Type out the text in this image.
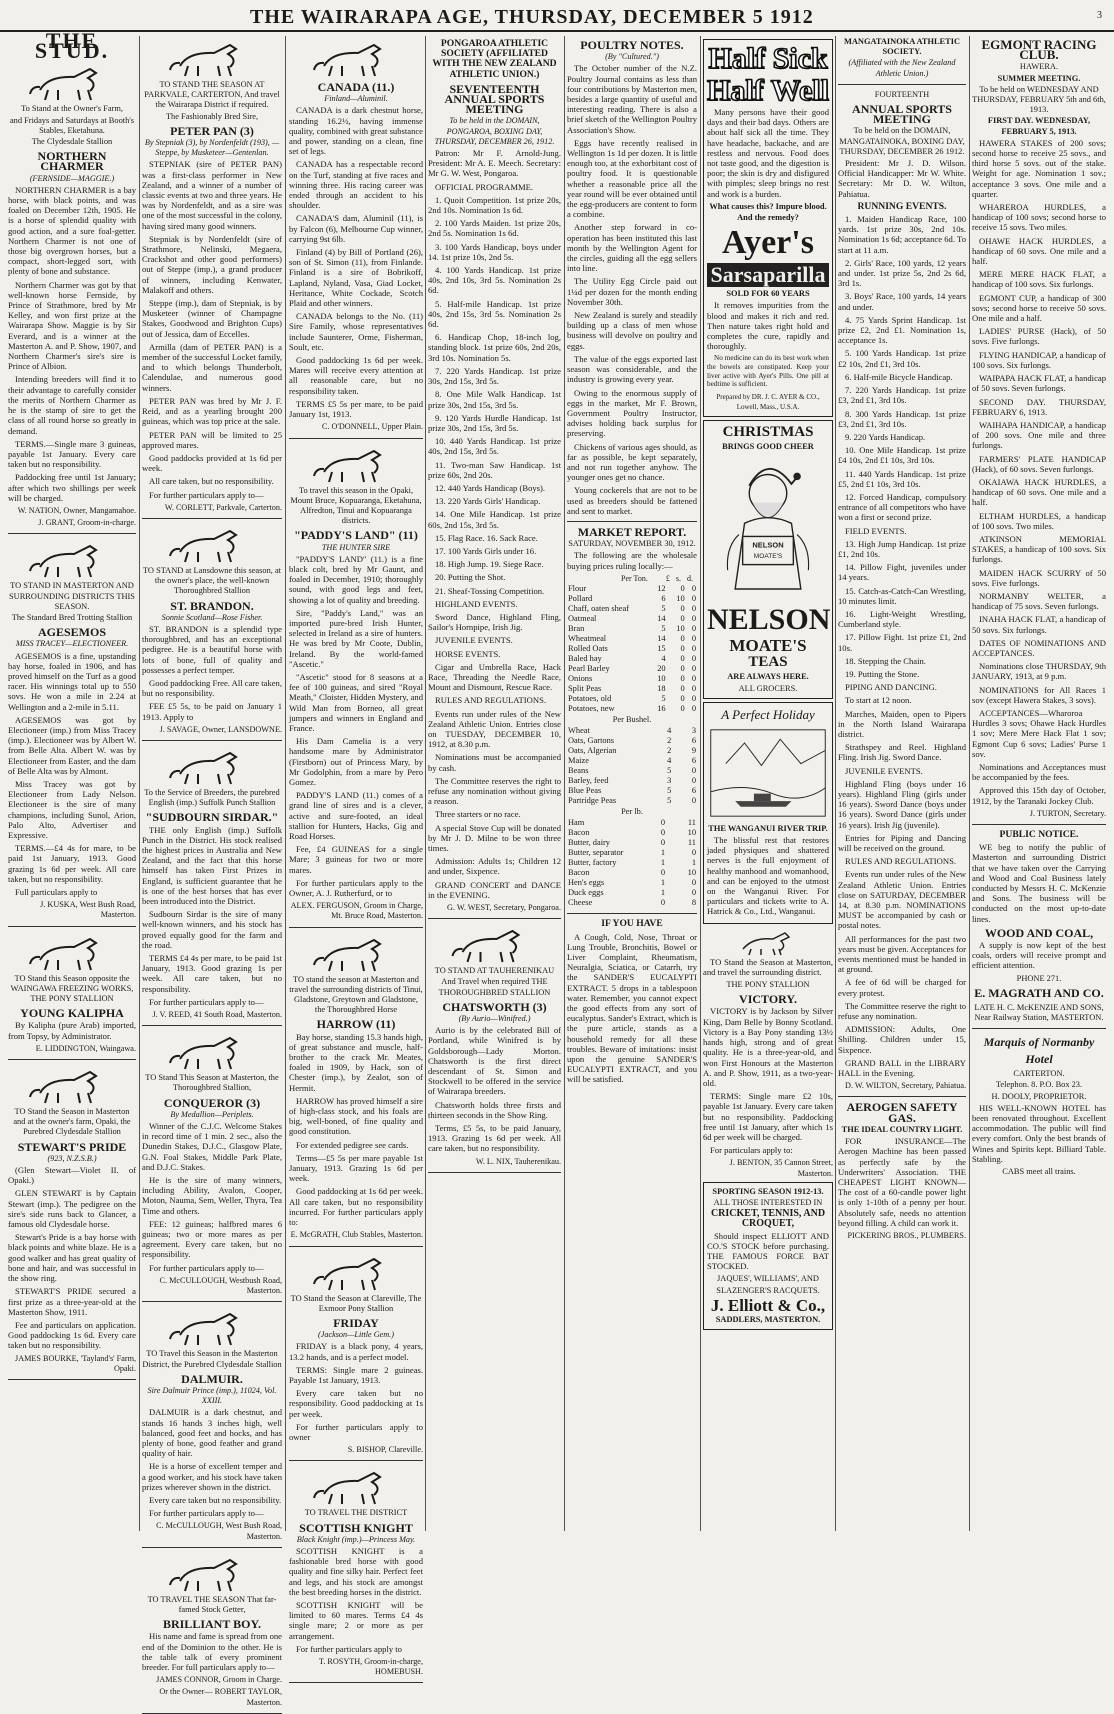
THE WAIRARAPA AGE, THURSDAY, DECEMBER 5 1912	3
THE STUD.
To Stand at the Owner's Farm,
and Fridays and Saturdays at Booth's Stables, Eketahuna.
The Clydesdale Stallion
NORTHERN CHARMER
(FERNSIDE—MAGGIE.)

NORTHERN CHARMER is a bay horse, with black points, and was foaled on December 12th, 1905. He is a horse of splendid quality with good action, and a sure foal-getter. Northern Charmer is not one of those big overgrown horses, but a compact, short-legged sort, with plenty of bone and substance.

Northern Charmer was got by that well-known horse Fernside, by Prince of Strathmore, bred by Mr Kelley, and won first prize at the Wairarapa Show. Maggie is by Sir Everard, and is a winner at the Masterton A. and P. Show, 1907, and Northern Charmer's sire's sire is Prince of Albion.

Intending breeders will find it to their advantage to carefully consider the merits of Northern Charmer as he is the stamp of sire to get the class of all round horse so greatly in demand.

TERMS.—Single mare 3 guineas, payable 1st January. Every care taken but no responsibility.

Paddocking free until 1st January; after which two shillings per week will be charged.

W. NATION, Owner, Mangamahoe.
J. GRANT, Groom-in-charge.
TO STAND IN MASTERTON AND SURROUNDING DISTRICTS THIS SEASON.
The Standard Bred Trotting Stallion
AGESEMOS
MISS TRACEY—ELECTIONEER.

AGESEMOS is a fine, upstanding bay horse, foaled in 1906, and has proved himself on the Turf as a good racer. His winnings total up to 550 sovs. He won a mile in 2.24 at Wellington and a 2-mile in 5.11.

AGESEMOS was got by Electioneer (imp.) from Miss Tracey (imp.). Electioneer was by Albert W. from Belle Alta. Albert W. was by Electioneer from Easter, and the dam of Belle Alta was by Almont.

Miss Tracey was got by Electioneer from Lady Nelson. Electioneer is the sire of many champions, including Sunol, Arion, Palo Alto, Advertiser and Expressive.

TERMS.—£4 4s for mare, to be paid 1st January, 1913. Good grazing 1s 6d per week. All care taken, but no responsibility.

Full particulars apply to

J. KUSKA, West Bush Road, Masterton.
TO Stand this Season opposite the WAINGAWA FREEZING WORKS, THE PONY STALLION
YOUNG KALIPHA

By Kalipha (pure Arab) imported, from Topsy, by Administrator.

E. LIDDINGTON, Waingawa.
TO Stand the Season in Masterton and at the owner's farm, Opaki, the Purebred Clydesdale Stallion
STEWART'S PRIDE
(923, N.Z.S.B.)

(Glen Stewart—Violet II. of Opaki.)

GLEN STEWART is by Captain Stewart (imp.). The pedigree on the sire's side runs back to Glancer, a famous old Clydesdale horse.

Stewart's Pride is a bay horse with black points and white blaze. He is a good walker and has great quality of bone and hair, and was successful in the show ring.

STEWART'S PRIDE secured a first prize as a three-year-old at the Masterton Show, 1911.

Fee and particulars on application. Good paddocking 1s 6d. Every care taken but no responsibility.

JAMES BOURKE, 'Tayland's' Farm, Opaki.
TO STAND THE SEASON AT PARKVALE, CARTERTON, And travel the Wairarapa District if required.
The Fashionably Bred Sire,
PETER PAN (3)
By Stepniak (3), by Nordenfeldt (193), —Steppe, by Musketeer—Gentenlan.

STEPNIAK (sire of PETER PAN) was a first-class performer in New Zealand, and a winner of a number of classic events at two and three years. He was by Nordenfeldt, and as a sire was one of the most successful in the colony, having sired many good winners.

Stepniak is by Nordenfeldt (sire of Strathmore, Nelinski, Megaera, Crackshot and other good performers) out of Steppe (imp.), a grand producer of winners, including Kenwater, Malakoff and others.

Steppe (imp.), dam of Stepniak, is by Musketeer (winner of Champagne Stakes, Goodwood and Brighton Cups) out of Jessica, dam of Eccelles.

Armilla (dam of PETER PAN) is a member of the successful Locket family, and to which belongs Thunderbolt, Calendulae, and numerous good winners.

PETER PAN was bred by Mr J. F. Reid, and as a yearling brought 200 guineas, which was top price at the sale.

PETER PAN will be limited to 25 approved mares.

Good paddocks provided at 1s 6d per week.

All care taken, but no responsibility.

For further particulars apply to—

W. CORLETT, Parkvale, Carterton.
TO STAND at Lansdowne this season, at the owner's place, the well-known Thoroughbred Stallion
ST. BRANDON.
Sonnie Scotland—Rose Fisher.

ST. BRANDON is a splendid type thoroughbred, and has an exceptional pedigree. He is a beautiful horse with lots of bone, full of quality and possesses a perfect temper.

Good paddocking Free. All care taken, but no responsibility.

FEE £5 5s, to be paid on January 1 1913. Apply to

J. SAVAGE, Owner, LANSDOWNE.
To the Service of Breeders, the purebred English (imp.) Suffolk Punch Stallion
"SUDBOURN SIRDAR."

THE only English (imp.) Suffolk Punch in the District. His stock realised the highest prices in Australia and New Zealand, and the fact that this horse himself has taken First Prizes in England, is sufficient guarantee that he is one of the best horses that has ever been introduced into the District.

Sudbourn Sirdar is the sire of many well-known winners, and his stock has proved equally good for the farm and the road.

TERMS £4 4s per mare, to be paid 1st January, 1913. Good grazing 1s per week. All care taken, but no responsibility.

For further particulars apply to—

J. V. REED, 41 South Road, Masterton.
TO Stand This Season at Masterton, the Thoroughbred Stallion,
CONQUEROR (3)
By Medallion—Periplets.

Winner of the C.J.C. Welcome Stakes in record time of 1 min. 2 sec., also the Dunedin Stakes, D.J.C., Glasgow Plate, G.N. Foal Stakes, Middle Park Plate, and D.J.C. Stakes.

He is the sire of many winners, including Ability, Avalon, Cooper, Moton, Nauma, Sem, Weller, Thyra, Tea Time and others.

FEE: 12 guineas; halfbred mares 6 guineas; two or more mares as per agreement. Every care taken, but no responsibility.

For further particulars apply to—

C. McCULLOUGH, Westbush Road, Masterton.
TO Travel this Season in the Masterton District, the Purebred Clydesdale Stallion
DALMUIR.
Sire Dalmuir Prince (imp.), 11024, Vol. XXIII.

DALMUIR is a dark chestnut, and stands 16 hands 3 inches high, well balanced, good feet and hocks, and has plenty of bone, good feather and grand quality of hair.

He is a horse of excellent temper and a good worker, and his stock have taken prizes wherever shown in the district.

Every care taken but no responsibility.

For further particulars apply to—

C. McCULLOUGH, West Bush Road, Masterton.
TO TRAVEL THE SEASON That far-famed Stock Getter,
BRILLIANT BOY.

His name and fame is spread from one end of the Dominion to the other. He is the table talk of every prominent breeder. For full particulars apply to—

JAMES CONNOR, Groom in Charge.
Or the Owner— ROBERT TAYLOR, Masterton.
CANADA (11.)
Finland—Aluminil.

CANADA is a dark chestnut horse, standing 16.2½, having immense quality, combined with great substance and power, standing on a clean, fine set of legs.

CANADA has a respectable record on the Turf, standing at five races and winning three. His racing career was ended through an accident to his shoulder.

CANADA'S dam, Aluminil (11), is by Falcon (6), Melbourne Cup winner, carrying 9st 6lb.

Finland (4) by Bill of Portland (26), son of St. Simon (11), from Finlande. Finland is a sire of Bobrikoff, Lapland, Nyland, Vasa, Giad Locket, Heritance, White Cockade, Scotch Plaid and other winners.

CANADA belongs to the No. (11) Sire Family, whose representatives include Saunterer, Orme, Fisherman, Soult, etc.

Good paddocking 1s 6d per week. Mares will receive every attention at all reasonable care, but no responsibility taken.

TERMS £5 5s per mare, to be paid January 1st, 1913.

C. O'DONNELL, Upper Plain.
To travel this season in the Opaki, Mount Bruce, Kopuaranga, Eketahuna, Alfredton, Tinui and Kopuaranga districts.
"PADDY'S LAND" (11)
THE HUNTER SIRE

"PADDY'S LAND" (11.) is a fine black colt, bred by Mr Gaunt, and foaled in December, 1910; thoroughly sound, with good legs and feet, showing a lot of quality and breeding.

Sire, "Paddy's Land," was an imported pure-bred Irish Hunter, selected in Ireland as a sire of hunters. He was bred by Mr Coote, Dublin, Ireland. By the world-famed "Ascetic."

"Ascetic" stood for 8 seasons at a fee of 100 guineas, and sired "Royal Meath," Cloister, Hidden Mystery, and Wild Man from Borneo, all great jumpers and winners in England and France.

His Dam Camelia is a very handsome mare by Administrator (Firstborn) out of Princess Mary, by Mr Godolphin, from a mare by Pero Gomez.

PADDY'S LAND (11.) comes of a grand line of sires and is a clever, active and sure-footed, an ideal stallion for Hunters, Hacks, Gig and Road Horses.

Fee, £4 GUINEAS for a single Mare; 3 guineas for two or more mares.

For further particulars apply to the Owner, A. J. Rutherfurd, or to

ALEX. FERGUSON, Groom in Charge, Mt. Bruce Road, Masterton.
TO stand the season at Masterton and travel the surrounding districts of Tinui, Gladstone, Greytown and Gladstone, the Thoroughbred Horse
HARROW (11)

Bay horse, standing 15.3 hands high, of great substance and muscle, half-brother to the crack Mr. Meates, foaled in 1909, by Hack, son of Chester (imp.), by Zealot, son of Hermit.

HARROW has proved himself a sire of high-class stock, and his foals are big, well-boned, of fine quality and good constitution.

For extended pedigree see cards.

Terms—£5 5s per mare payable 1st January, 1913. Grazing 1s 6d per week.

Good paddocking at 1s 6d per week. All care taken, but no responsibility incurred. For further particulars apply to:

E. McGRATH, Club Stables, Masterton.
TO Stand the Season at Clareville, The Exmoor Pony Stallion
FRIDAY
(Jackson—Little Gem.)

FRIDAY is a black pony, 4 years, 13.2 hands, and is a perfect model.

TERMS: Single mare 2 guineas. Payable 1st January, 1913.

Every care taken but no responsibility. Good paddocking at 1s per week.

For further particulars apply to owner

S. BISHOP, Clareville.
TO TRAVEL THE DISTRICT
SCOTTISH KNIGHT
Black Knight (imp.)—Princess May.

SCOTTISH KNIGHT is a fashionable bred horse with good quality and fine silky hair. Perfect feet and legs, and his stock are amongst the best breeding horses in the district.

SCOTTISH KNIGHT will be limited to 60 mares. Terms £4 4s single mare; 2 or more as per arrangement.

For further particulars apply to

T. ROSYTH, Groom-in-charge, HOMEBUSH.
PONGAROA ATHLETIC SOCIETY (AFFILIATED WITH THE NEW ZEALAND ATHLETIC UNION.)
SEVENTEENTH ANNUAL SPORTS MEETING
To be held in the DOMAIN, PONGAROA, BOXING DAY, THURSDAY, DECEMBER 26, 1912.

Patron: Mr F. Arnold-Jung. President: Mr A. E. Meech. Secretary: Mr G. W. West, Pongaroa.

OFFICIAL PROGRAMME.

1. Quoit Competition. 1st prize 20s, 2nd 10s. Nomination 1s 6d.

2. 100 Yards Maiden. 1st prize 20s, 2nd 5s. Nomination 1s 6d.

3. 100 Yards Handicap, boys under 14. 1st prize 10s, 2nd 5s.

4. 100 Yards Handicap. 1st prize 40s, 2nd 10s, 3rd 5s. Nomination 2s 6d.

5. Half-mile Handicap. 1st prize 40s, 2nd 15s, 3rd 5s. Nomination 2s 6d.

6. Handicap Chop, 18-inch log, standing block. 1st prize 60s, 2nd 20s, 3rd 10s. Nomination 5s.

7. 220 Yards Handicap. 1st prize 30s, 2nd 15s, 3rd 5s.

8. One Mile Walk Handicap. 1st prize 30s, 2nd 15s, 3rd 5s.

9. 120 Yards Hurdle Handicap. 1st prize 30s, 2nd 15s, 3rd 5s.

10. 440 Yards Handicap. 1st prize 40s, 2nd 15s, 3rd 5s.

11. Two-man Saw Handicap. 1st prize 60s, 2nd 20s.

12. 440 Yards Handicap (Boys).

13. 220 Yards Girls' Handicap.

14. One Mile Handicap. 1st prize 60s, 2nd 15s, 3rd 5s.

15. Flag Race. 16. Sack Race.

17. 100 Yards Girls under 16.

18. High Jump. 19. Siege Race.

20. Putting the Shot.

21. Sheaf-Tossing Competition.

HIGHLAND EVENTS.

Sword Dance, Highland Fling, Sailor's Hornpipe, Irish Jig.

JUVENILE EVENTS.

HORSE EVENTS.

Cigar and Umbrella Race, Hack Race, Threading the Needle Race, Mount and Dismount, Rescue Race.

RULES AND REGULATIONS.

Events run under rules of the New Zealand Athletic Union. Entries close on TUESDAY, DECEMBER 10, 1912, at 8.30 p.m.

Nominations must be accompanied by cash.

The Committee reserves the right to refuse any nomination without giving a reason.

Three starters or no race.

A special Stove Cup will be donated by Mr J. D. Milne to be won three times.

Admission: Adults 1s; Children 12 and under, Sixpence.

GRAND CONCERT and DANCE in the EVENING.

G. W. WEST, Secretary, Pongaroa.
TO STAND AT TAUHERENIKAU
And Travel when required THE THOROUGHBRED STALLION
CHATSWORTH (3)
(By Aurio—Winifred.)

Aurio is by the celebrated Bill of Portland, while Winifred is by Goldsborough—Lady Morton. Chatsworth is the first direct descendant of St. Simon and Stockwell to be offered in the service of Wairarapa breeders.

Chatsworth holds three firsts and thirteen seconds in the Show Ring.

Terms, £5 5s, to be paid January, 1913. Grazing 1s 6d per week. All care taken, but no responsibility.

W. L. NIX, Tauherenikau.
POULTRY NOTES.
(By "Cultured.")

The October number of the N.Z. Poultry Journal contains as less than four contributions by Masterton men, besides a large quantity of useful and interesting reading. There is also a brief sketch of the Wellington Poultry Association's Show.

Eggs have recently realised in Wellington 1s 1d per dozen. It is little enough too, at the exhorbitant cost of poultry food. It is questionable whether a reasonable price all the year round will be ever obtained until the egg-producers are content to form a combine.

Another step forward in co-operation has been instituted this last month by the Wellington Agent for the circles, guiding all the egg sellers into line.

The Utility Egg Circle paid out 1¼d per dozen for the month ending November 30th.

New Zealand is surely and steadily building up a class of men whose business will devolve on poultry and eggs.

The value of the eggs exported last season was considerable, and the industry is growing every year.

Owing to the enormous supply of eggs in the market, Mr F. Brown, Government Poultry Instructor, advises holding back surplus for preserving.

Chickens of various ages should, as far as possible, be kept separately, and not run together anyhow. The younger ones get no chance.

Young cockerels that are not to be used as breeders should be fattened and sent to market.

MARKET REPORT.
SATURDAY, NOVEMBER 30, 1912.

The following are the wholesale buying prices ruling locally:—

Per Ton. £ s. d.
Flour	12	0	0
Pollard	6	10	0
Chaff, oaten sheaf	5	0	0
Oatmeal	14	0	0
Bran	5	10	0
Wheatmeal	14	0	0
Rolled Oats	15	0	0
Baled hay	4	0	0
Pearl Barley	20	0	0
Onions	10	0	0
Split Peas	18	0	0
Potatoes, old	5	0	0
Potatoes, new	16	0	0
Per Bushel.
Wheat	4	3
Oats, Gartons	2	6
Oats, Algerian	2	9
Maize	4	6
Beans	5	0
Barley, feed	3	0
Blue Peas	5	6
Partridge Peas	5	0
Per lb.
Ham	0	11
Bacon	0	10
Butter, dairy	0	11
Butter, separator	1	0
Butter, factory	1	1
Bacon	0	10
Hen's eggs	1	0
Duck eggs	1	0
Cheese	0	8
IF YOU HAVE

A Cough, Cold, Nose, Throat or Lung Trouble, Bronchitis, Bowel or Liver Complaint, Rheumatism, Neuralgia, Sciatica, or Catarrh, try the SANDER'S EUCALYPTI EXTRACT. 5 drops in a tablespoon water. Remember, you cannot expect the good effects from any sort of eucalyptus. Sander's Extract, which is the pure article, stands as a household remedy for all these troubles. Beware of imitations: insist upon the genuine SANDER'S EUCALYPTI EXTRACT, and you will be satisfied.

Half Sick
Half Well

Many persons have their good days and their bad days. Others are about half sick all the time. They have headache, backache, and are restless and nervous. Food does not taste good, and the digestion is poor; the skin is dry and disfigured with pimples; sleep brings no rest and work is a burden.

What causes this? Impure blood.
And the remedy?
Ayer's
Sarsaparilla
SOLD FOR 60 YEARS

It removes impurities from the blood and makes it rich and red. Then nature takes right hold and completes the cure, rapidly and thoroughly.

No medicine can do its best work when the bowels are constipated. Keep your liver active with Ayer's Pills. One pill at bedtime is sufficient.

Prepared by DR. J. C. AYER & CO., Lowell, Mass., U.S.A.
CHRISTMAS
BRINGS GOOD CHEER
NELSON
MOATE'S
NELSON
MOATE'S
TEAS
ARE ALWAYS HERE.
ALL GROCERS.
A Perfect Holiday
THE WANGANUI RIVER TRIP.

The blissful rest that restores jaded physiques and shattered nerves is the full enjoyment of healthy manhood and womanhood, and can be enjoyed to the utmost on the Wanganui River. For particulars and tickets write to A. Hatrick & Co., Ltd., Wanganui.

TO Stand the Season at Masterton, and travel the surrounding district.

THE PONY STALLION
VICTORY.

VICTORY is by Jackson by Silver King, Dam Belle by Bonny Scotland. Victory is a Bay Pony standing 13½ hands high, strong and of great quality. He is a three-year-old, and won First Honours at the Masterton A. and P. Show, 1911, as a two-year-old.

TERMS: Single mare £2 10s, payable 1st January. Every care taken but no responsibility. Paddocking free until 1st January, after which 1s 6d per week will be charged.

For particulars apply to:

J. BENTON, 35 Cannon Street, Masterton.
SPORTING SEASON 1912-13.
ALL THOSE INTERESTED IN
CRICKET, TENNIS, AND CROQUET,

Should inspect ELLIOTT AND CO.'S STOCK before purchasing. THE FAMOUS FORCE BAT STOCKED.

JAQUES', WILLIAMS', AND
SLAZENGER'S RACQUETS.
J. Elliott & Co.,
SADDLERS, MASTERTON.
MANGATAINOKA ATHLETIC SOCIETY.
(Affiliated with the New Zealand Athletic Union.)
FOURTEENTH
ANNUAL SPORTS MEETING
To be held on the DOMAIN, MANGATAINOKA, BOXING DAY, THURSDAY, DECEMBER 26 1912.

President: Mr J. D. Wilson. Official Handicapper: Mr W. White. Secretary: Mr D. W. Wilton, Pahiatua.

RUNNING EVENTS.

1. Maiden Handicap Race, 100 yards. 1st prize 30s, 2nd 10s. Nomination 1s 6d; acceptance 6d. To start at 11 a.m.

2. Girls' Race, 100 yards, 12 years and under. 1st prize 5s, 2nd 2s 6d, 3rd 1s.

3. Boys' Race, 100 yards, 14 years and under.

4. 75 Yards Sprint Handicap. 1st prize £2, 2nd £1. Nomination 1s, acceptance 1s.

5. 100 Yards Handicap. 1st prize £2 10s, 2nd £1, 3rd 10s.

6. Half-mile Bicycle Handicap.

7. 220 Yards Handicap. 1st prize £3, 2nd £1, 3rd 10s.

8. 300 Yards Handicap. 1st prize £3, 2nd £1, 3rd 10s.

9. 220 Yards Handicap.

10. One Mile Handicap. 1st prize £4 10s, 2nd £1 10s, 3rd 10s.

11. 440 Yards Handicap. 1st prize £5, 2nd £1 10s, 3rd 10s.

12. Forced Handicap, compulsory entrance of all competitors who have won a first or second prize.

FIELD EVENTS.

13. High Jump Handicap. 1st prize £1, 2nd 10s.

14. Pillow Fight, juveniles under 14 years.

15. Catch-as-Catch-Can Wrestling, 10 minutes limit.

16. Light-Weight Wrestling, Cumberland style.

17. Pillow Fight. 1st prize £1, 2nd 10s.

18. Stepping the Chain.

19. Putting the Stone.

PIPING AND DANCING.

To start at 12 noon.

Marches, Maiden, open to Pipers in the North Island Wairarapa district.

Strathspey and Reel. Highland Fling. Irish Jig. Sword Dance.

JUVENILE EVENTS.

Highland Fling (boys under 16 years). Highland Fling (girls under 16 years). Sword Dance (boys under 16 years). Sword Dance (girls under 16 years). Irish Jig (juvenile).

Entries for Piping and Dancing will be received on the ground.

RULES AND REGULATIONS.

Events run under rules of the New Zealand Athletic Union. Entries close on SATURDAY, DECEMBER 14, at 8.30 p.m. NOMINATIONS MUST be accompanied by cash or postal notes.

All performances for the past two years must be given. Acceptances for events mentioned must be handed in at ground.

A fee of 6d will be charged for every protest.

The Committee reserve the right to refuse any nomination.

ADMISSION: Adults, One Shilling. Children under 15, Sixpence.

GRAND BALL in the LIBRARY HALL in the Evening.

D. W. WILTON, Secretary, Pahiatua.
AEROGEN SAFETY GAS.
THE IDEAL COUNTRY LIGHT.

FOR INSURANCE—The Aerogen Machine has been passed as perfectly safe by the Underwriters' Association. THE CHEAPEST LIGHT KNOWN—The cost of a 60-candle power light is only 1-10th of a penny per hour. Absolutely safe, needs no attention beyond filling. A child can work it.

PICKERING BROS., PLUMBERS.
EGMONT RACING CLUB.
HAWERA.
SUMMER MEETING.
To be held on WEDNESDAY AND THURSDAY, FEBRUARY 5th and 6th, 1913.
FIRST DAY. WEDNESDAY, FEBRUARY 5, 1913.

HAWERA STAKES of 200 sovs; second horse to receive 25 sovs., and third horse 5 sovs. out of the stake. Weight for age. Nomination 1 sov.; acceptance 3 sovs. One mile and a quarter.

WHAREROA HURDLES, a handicap of 100 sovs; second horse to receive 15 sovs. Two miles.

OHAWE HACK HURDLES, a handicap of 60 sovs. One mile and a half.

MERE MERE HACK FLAT, a handicap of 100 sovs. Six furlongs.

EGMONT CUP, a handicap of 300 sovs; second horse to receive 50 sovs. One mile and a half.

LADIES' PURSE (Hack), of 50 sovs. Five furlongs.

FLYING HANDICAP, a handicap of 100 sovs. Six furlongs.

WAIPAPA HACK FLAT, a handicap of 50 sovs. Seven furlongs.

SECOND DAY. THURSDAY, FEBRUARY 6, 1913.

WAIHAPA HANDICAP, a handicap of 200 sovs. One mile and three furlongs.

FARMERS' PLATE HANDICAP (Hack), of 60 sovs. Seven furlongs.

OKAIAWA HACK HURDLES, a handicap of 60 sovs. One mile and a half.

ELTHAM HURDLES, a handicap of 100 sovs. Two miles.

ATKINSON MEMORIAL STAKES, a handicap of 100 sovs. Six furlongs.

MAIDEN HACK SCURRY of 50 sovs. Five furlongs.

NORMANBY WELTER, a handicap of 75 sovs. Seven furlongs.

INAHA HACK FLAT, a handicap of 50 sovs. Six furlongs.

DATES OF NOMINATIONS AND ACCEPTANCES.

Nominations close THURSDAY, 9th JANUARY, 1913, at 9 p.m.

NOMINATIONS for All Races 1 sov (except Hawera Stakes, 3 sovs).

ACCEPTANCES—Wharoroa Hurdles 3 sovs; Ohawe Hack Hurdles 1 sov; Mere Mere Hack Flat 1 sov; Egmont Cup 6 sovs; Ladies' Purse 1 sov.

Nominations and Acceptances must be accompanied by the fees.

Approved this 15th day of October, 1912, by the Taranaki Jockey Club.

J. TURTON, Secretary.
PUBLIC NOTICE.

WE beg to notify the public of Masterton and surrounding District that we have taken over the Carrying and Wood and Coal Business lately conducted by Messrs H. C. McKenzie and Sons. The business will be conducted on the most up-to-date lines.

WOOD AND COAL,

A supply is now kept of the best coals, orders will receive prompt and efficient attention.

PHONE 271.
E. MAGRATH AND CO.
LATE H. C. McKENZIE AND SONS, Near Railway Station, MASTERTON.
Marquis of Normanby Hotel
CARTERTON.
Telephon. 8. P.O. Box 23.
H. DOOLY, PROPRIETOR.

HIS WELL-KNOWN HOTEL has been renovated throughout. Excellent accommodation. The public will find every comfort. Only the best brands of Wines and Spirits kept. Billiard Table. Stabling.

CABS meet all trains.
